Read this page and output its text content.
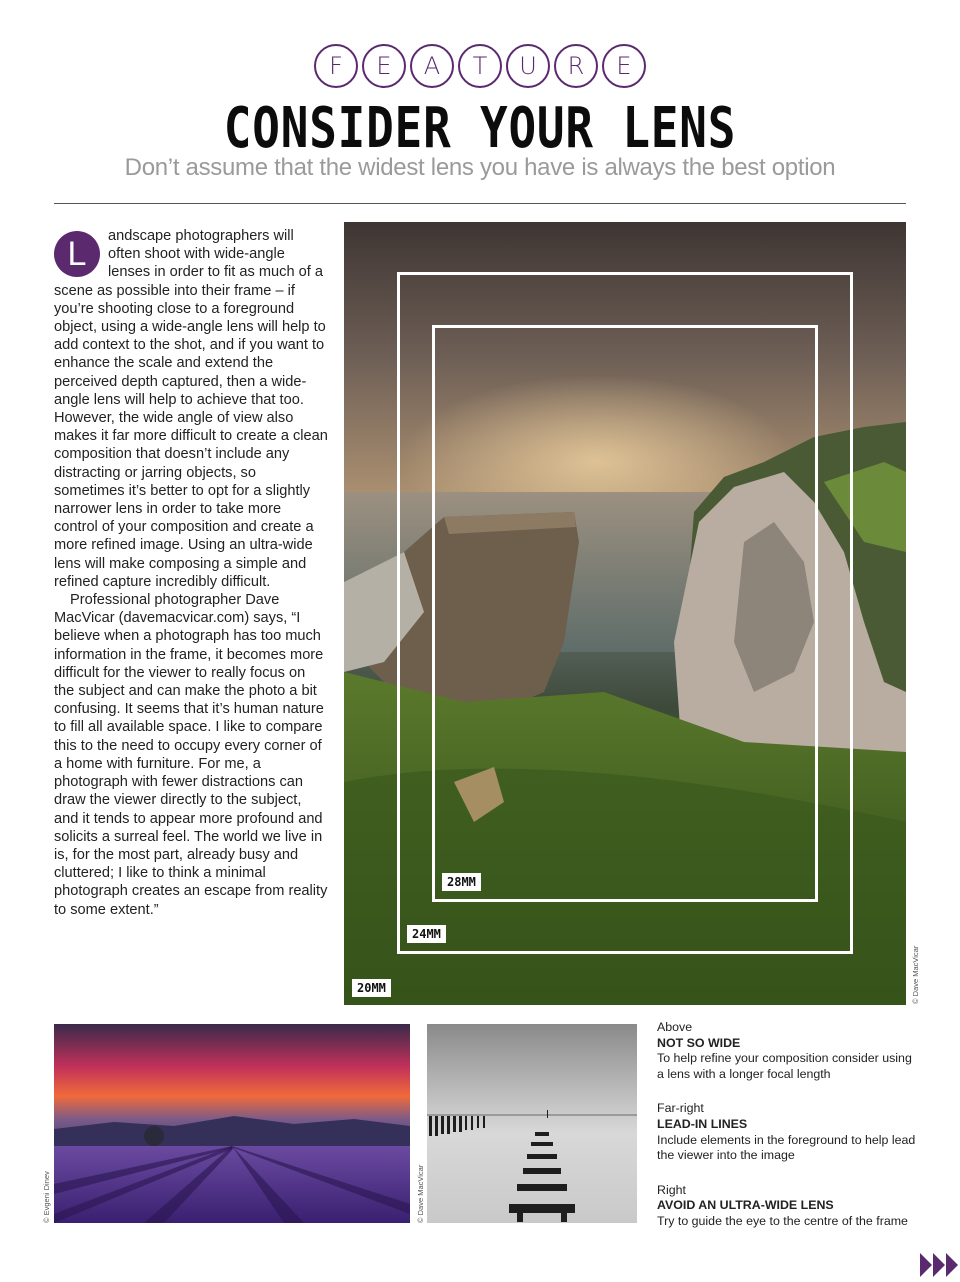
F	E	A	T	U	R	E
CONSIDER YOUR LENS

Don’t assume that the widest lens you have is always the best option

L	andscape photographers will often shoot with wide-angle lenses in order to fit as much of a scene as possible into their frame – if you’re shooting close to a foreground object, using a wide-angle lens will help to add context to the shot, and if you want to enhance the scale and extend the perceived depth captured, then a wide-angle lens will help to achieve that too. However, the wide angle of view also makes it far more difficult to create a clean composition that doesn’t include any distracting or jarring objects, so sometimes it’s better to opt for a slightly narrower lens in order to take more control of your composition and create a more refined image. Using an ultra-wide lens will make composing a simple and refined capture incredibly difficult.

Professional photographer Dave MacVicar (davemacvicar.com) says, “I believe when a photograph has too much information in the frame, it becomes more difficult for the viewer to really focus on the subject and can make the photo a bit confusing. It seems that it’s human nature to fill all available space. I like to compare this to the need to occupy every corner of a home with furniture. For me, a photograph with fewer distractions can draw the viewer directly to the subject, and it tends to appear more profound and solicits a surreal feel. The world we live in is, for the most part, already busy and cluttered; I like to think a minimal photograph creates an escape from reality to some extent.”

28MM
24MM
20MM	© Dave MacVicar
© Evgeni Dinev	© Dave MacVicar
Above
NOT SO WIDE
To help refine your composition consider using a lens with a longer focal length
Far-right
LEAD-IN LINES
Include elements in the foreground to help lead the viewer into the image
Right
AVOID AN ULTRA-WIDE LENS
Try to guide the eye to the centre of the frame
